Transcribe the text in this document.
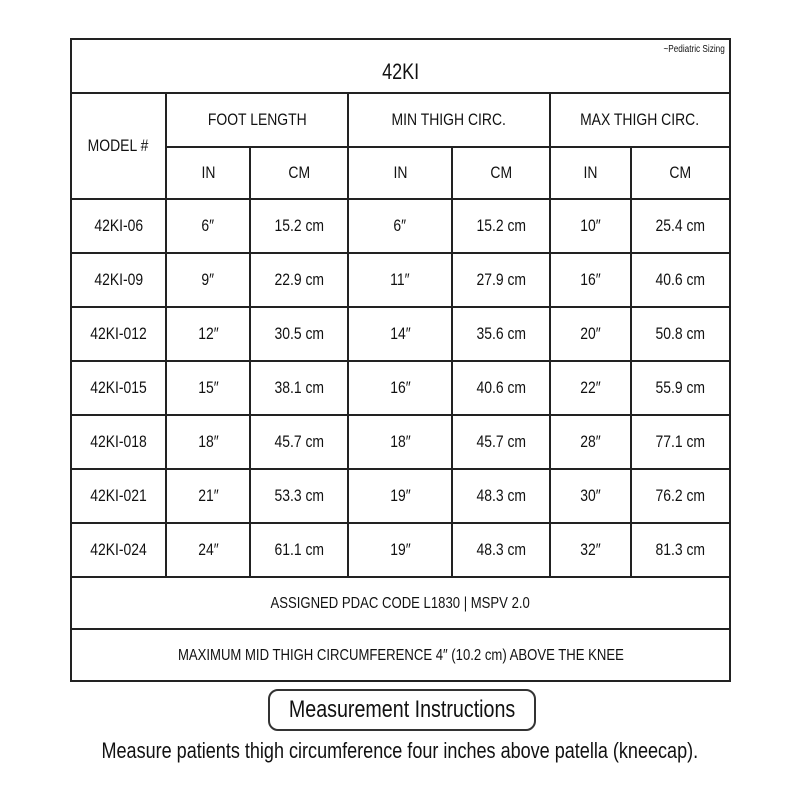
42KI
~Pediatric Sizing						

MODEL #	FOOT LENGTH		MIN THIGH CIRC.		MAX THIGH CIRC.	
	IN	CM	IN	CM	IN	CM
42KI-06	6″	15.2 cm	6″	15.2 cm	10″	25.4 cm
42KI-09	9″	22.9 cm	11″	27.9 cm	16″	40.6 cm
42KI-012	12″	30.5 cm	14″	35.6 cm	20″	50.8 cm
42KI-015	15″	38.1 cm	16″	40.6 cm	22″	55.9 cm
42KI-018	18″	45.7 cm	18″	45.7 cm	28″	77.1 cm
42KI-021	21″	53.3 cm	19″	48.3 cm	30″	76.2 cm
42KI-024	24″	61.1 cm	19″	48.3 cm	32″	81.3 cm
ASSIGNED PDAC CODE L1830 | MSPV 2.0						
MAXIMUM MID THIGH CIRCUMFERENCE 4″ (10.2 cm) ABOVE THE KNEE						
Measurement Instructions
Measure patients thigh circumference four inches above patella (kneecap).
